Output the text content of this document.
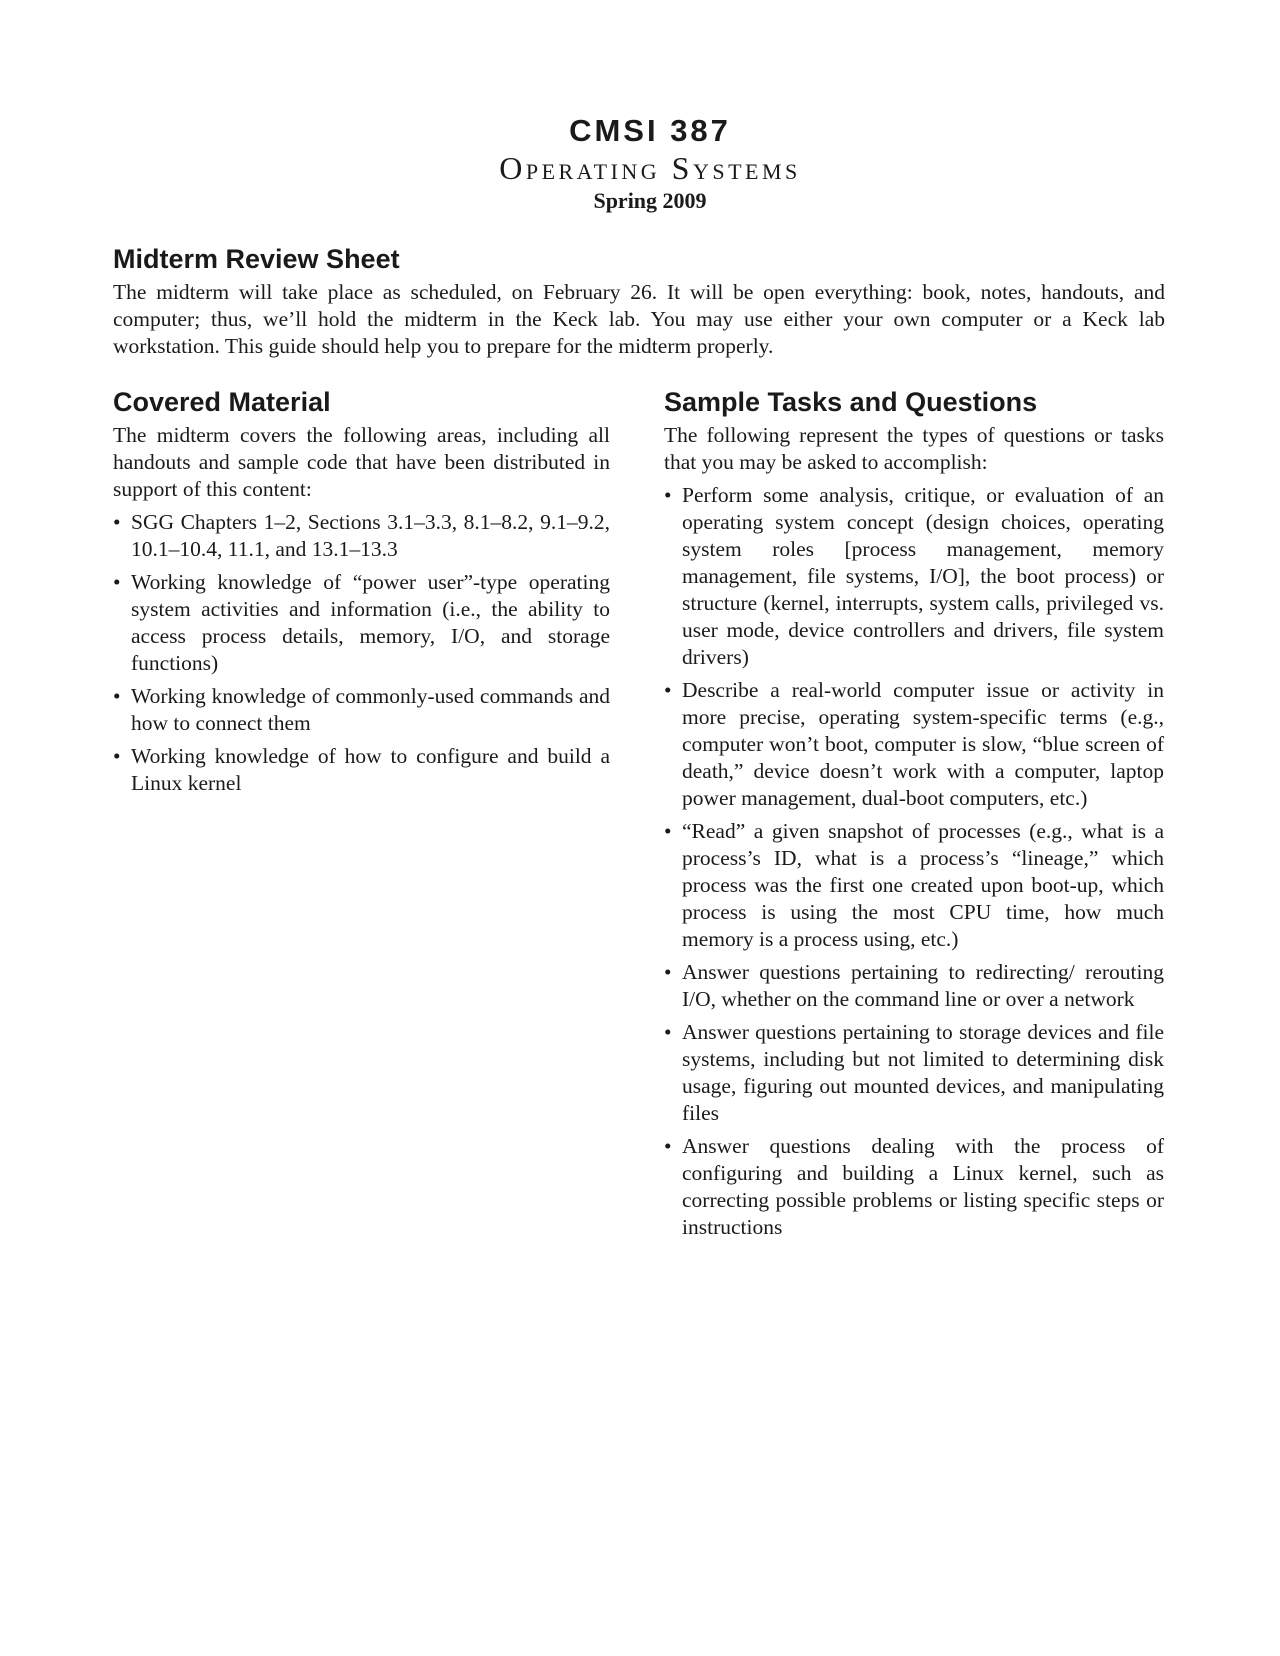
CMSI 387
Operating Systems
Spring 2009
Midterm Review Sheet

The midterm will take place as scheduled, on February 26. It will be open everything: book, notes, handouts, and computer; thus, we’ll hold the midterm in the Keck lab. You may use either your own computer or a Keck lab workstation. This guide should help you to prepare for the midterm properly.

Covered Material

The midterm covers the following areas, including all handouts and sample code that have been distributed in support of this content:

• SGG Chapters 1–2, Sections 3.1–3.3, 8.1–8.2, 9.1–9.2, 10.1–10.4, 11.1, and 13.1–13.3
• Working knowledge of “power user”-type operating system activities and information (i.e., the ability to access process details, memory, I/O, and storage functions)
• Working knowledge of commonly-used commands and how to connect them
• Working knowledge of how to configure and build a Linux kernel
Sample Tasks and Questions

The following represent the types of questions or tasks that you may be asked to accomplish:

• Perform some analysis, critique, or evaluation of an operating system concept (design choices, operating system roles [process management, memory management, file systems, I/O], the boot process) or structure (kernel, interrupts, system calls, privileged vs. user mode, device controllers and drivers, file system drivers)
• Describe a real-world computer issue or activity in more precise, operating system-specific terms (e.g., computer won’t boot, computer is slow, “blue screen of death,” device doesn’t work with a computer, laptop power management, dual-boot computers, etc.)
• “Read” a given snapshot of processes (e.g., what is a process’s ID, what is a process’s “lineage,” which process was the first one created upon boot-up, which process is using the most CPU time, how much memory is a process using, etc.)
• Answer questions pertaining to redirecting/ rerouting I/O, whether on the command line or over a network
• Answer questions pertaining to storage devices and file systems, including but not limited to determining disk usage, figuring out mounted devices, and manipulating files
• Answer questions dealing with the process of configuring and building a Linux kernel, such as correcting possible problems or listing specific steps or instructions
